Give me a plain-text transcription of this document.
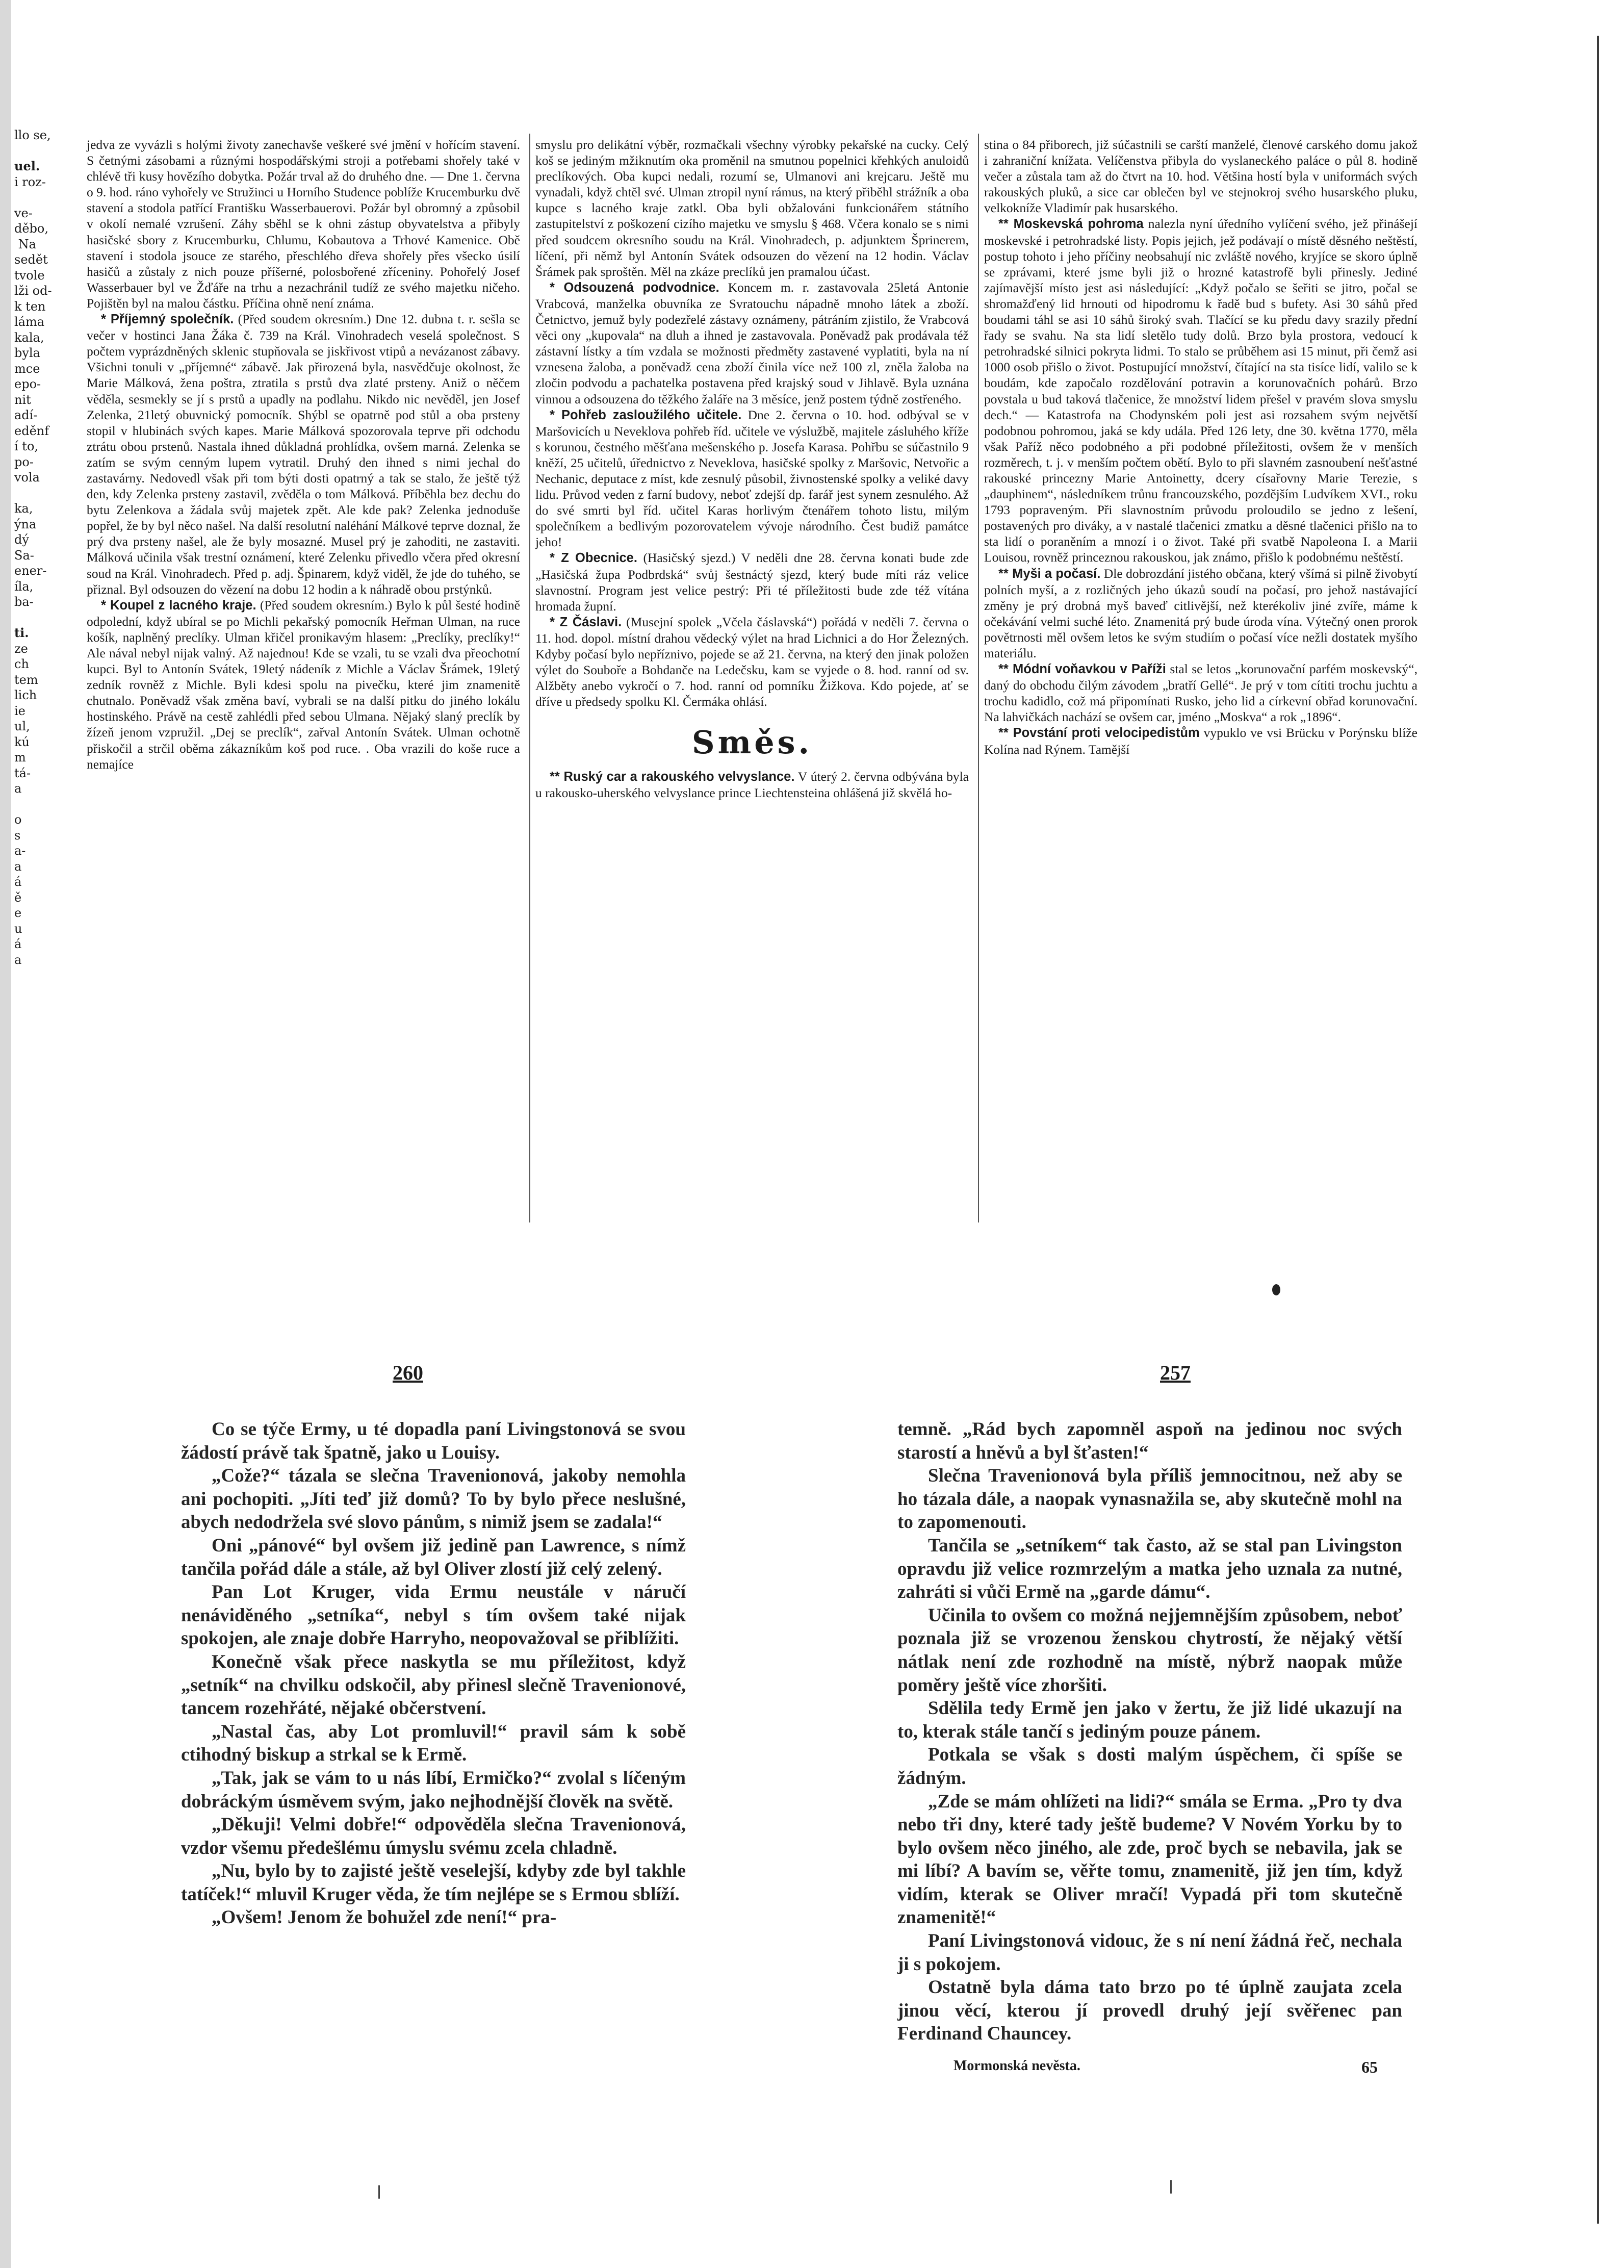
llo se,

uel.
i roz-

ve-
děbo,
Na
sedět
tvole
lži od-
k ten
láma
kala,
byla
mce
epo-
nit
adí-
eděnf
í to,
po-
vola

ka,
ýna
dý
Sa-
ener-
íla,
ba-

ti.
ze
ch
tem
lich
ie
ul,
kú
m
tá-
a

o
s
a-
a
á
ě
e
u
á
a

jedva ze vyvázli s holými životy zanechavše veškeré své jmění v hořícím stavení. S četnými zásobami a různými hospodářskými stroji a potřebami shořely také v chlévě tři kusy hovězího dobytka. Požár trval až do druhého dne. — Dne 1. června o 9. hod. ráno vyhořely ve Stružinci u Horního Studence poblíže Krucemburku dvě stavení a stodola patřící Františku Wasserbauerovi. Požár byl obromný a způsobil v okolí nemalé vzrušení. Záhy sběhl se k ohni zástup obyvatelstva a přibyly hasičské sbory z Krucemburku, Chlumu, Kobautova a Trhové Kamenice. Obě stavení i stodola jsouce ze starého, přeschlého dřeva shořely přes všecko úsilí hasičů a zůstaly z nich pouze příšerné, polosbořené zříceniny. Pohořelý Josef Wasserbauer byl ve Žďáře na trhu a nezachránil tudíž ze svého majetku ničeho. Pojištěn byl na malou částku. Příčina ohně není známa.

* Příjemný společník. (Před soudem okresním.) Dne 12. dubna t. r. sešla se večer v hostinci Jana Žáka č. 739 na Král. Vinohradech veselá společnost. S počtem vyprázdněných sklenic stupňovala se jiskřivost vtipů a nevázanost zábavy. Všichni tonuli v „příjemné“ zábavě. Jak přirozená byla, nasvědčuje okolnost, že Marie Málková, žena poštra, ztratila s prstů dva zlaté prsteny. Aniž o něčem věděla, sesmekly se jí s prstů a upadly na podlahu. Nikdo nic nevěděl, jen Josef Zelenka, 21letý obuvnický pomocník. Shýbl se opatrně pod stůl a oba prsteny stopil v hlubinách svých kapes. Marie Málková spozorovala teprve při odchodu ztrátu obou prstenů. Nastala ihned důkladná prohlídka, ovšem marná. Zelenka se zatím se svým cenným lupem vytratil. Druhý den ihned s nimi jechal do zastavárny. Nedovedl však při tom býti dosti opatrný a tak se stalo, že ještě týž den, kdy Zelenka prsteny zastavil, zvěděla o tom Málková. Příběhla bez dechu do bytu Zelenkova a žádala svůj majetek zpět. Ale kde pak? Zelenka jednoduše popřel, že by byl něco našel. Na další resolutní naléhání Málkové teprve doznal, že prý dva prsteny našel, ale že byly mosazné. Musel prý je zahoditi, ne zastaviti. Málková učinila však trestní oznámení, které Zelenku přivedlo včera před okresní soud na Král. Vinohradech. Před p. adj. Špinarem, když viděl, že jde do tuhého, se přiznal. Byl odsouzen do vězení na dobu 12 hodin a k náhradě obou prstýnků.

* Koupel z lacného kraje. (Před soudem okresním.) Bylo k půl šesté hodině odpolední, když ubíral se po Michli pekařský pomocník Heřman Ulman, na ruce košík, naplněný preclíky. Ulman křičel pronikavým hlasem: „Preclíky, preclíky!“ Ale nával nebyl nijak valný. Až najednou! Kde se vzali, tu se vzali dva přeochotní kupci. Byl to Antonín Svátek, 19letý nádeník z Michle a Václav Šrámek, 19letý zedník rovněž z Michle. Byli kdesi spolu na pivečku, které jim znamenitě chutnalo. Poněvadž však změna baví, vybrali se na další pitku do jiného lokálu hostinského. Právě na cestě zahlédli před sebou Ulmana. Nějaký slaný preclík by žízeň jenom vzpružil. „Dej se preclík“, zařval Antonín Svátek. Ulman ochotně přiskočil a strčil oběma zákazníkům koš pod ruce. . Oba vrazili do koše ruce a nemajíce

smyslu pro delikátní výběr, rozmačkali všechny výrobky pekařské na cucky. Celý koš se jediným mžiknutím oka proměnil na smutnou popelnici křehkých anuloidů preclíkových. Oba kupci nedali, rozumí se, Ulmanovi ani krejcaru. Ještě mu vynadali, když chtěl své. Ulman ztropil nyní rámus, na který přiběhl strážník a oba kupce s lacného kraje zatkl. Oba byli obžalováni funkcionářem státního zastupitelství z poškození cizího majetku ve smyslu § 468. Včera konalo se s nimi před soudcem okresního soudu na Král. Vinohradech, p. adjunktem Šprinerem, líčení, při němž byl Antonín Svátek odsouzen do vězení na 12 hodin. Václav Šrámek pak sproštěn. Měl na zkáze preclíků jen pramalou účast.

* Odsouzená podvodnice. Koncem m. r. zastavovala 25letá Antonie Vrabcová, manželka obuvníka ze Svratouchu nápadně mnoho látek a zboží. Četnictvo, jemuž byly podezřelé zástavy oznámeny, pátráním zjistilo, že Vrabcová věci ony „kupovala“ na dluh a ihned je zastavovala. Poněvadž pak prodávala též zástavní lístky a tím vzdala se možnosti předměty zastavené vyplatiti, byla na ní vznesena žaloba, a poněvadž cena zboží činila více než 100 zl, zněla žaloba na zločin podvodu a pachatelka postavena před krajský soud v Jihlavě. Byla uznána vinnou a odsouzena do těžkého žaláře na 3 měsíce, jenž postem týdně zostřeného.

* Pohřeb zasloužilého učitele. Dne 2. června o 10. hod. odbýval se v Maršovicích u Neveklova pohřeb říd. učitele ve výslužbě, majitele zásluhého kříže s korunou, čestného měšťana mešenského p. Josefa Karasa. Pohřbu se súčastnilo 9 kněží, 25 učitelů, úřednictvo z Neveklova, hasičské spolky z Maršovic, Netvořic a Nechanic, deputace z míst, kde zesnulý působil, živnostenské spolky a veliké davy lidu. Průvod veden z farní budovy, neboť zdejší dp. farář jest synem zesnulého. Až do své smrti byl říd. učitel Karas horlivým čtenářem tohoto listu, milým společníkem a bedlivým pozorovatelem vývoje národního. Čest budiž památce jeho!

* Z Obecnice. (Hasičský sjezd.) V neděli dne 28. června konati bude zde „Hasičská župa Podbrdská“ svůj šestnáctý sjezd, který bude míti ráz velice slavnostní. Program jest velice pestrý: Při té příležitosti bude zde též vítána hromada župní.

* Z Čáslavi. (Musejní spolek „Včela čáslavská“) pořádá v neděli 7. června o 11. hod. dopol. místní drahou vědecký výlet na hrad Lichnici a do Hor Železných. Kdyby počasí bylo nepříznivo, pojede se až 21. června, na který den jinak položen výlet do Souboře a Bohdanče na Ledečsku, kam se vyjede o 8. hod. ranní od sv. Alžběty anebo vykročí o 7. hod. ranní od pomníku Žižkova. Kdo pojede, ať se dříve u předsedy spolku Kl. Čermáka ohlásí.

Směs.

** Ruský car a rakouského velvyslance. V úterý 2. června odbývána byla u rakousko-uherského velvyslance prince Liechtensteina ohlášená již skvělá ho-

stina o 84 přiborech, již súčastnili se carští manželé, členové carského domu jakož i zahraniční knížata. Velíčenstva přibyla do vyslaneckého paláce o půl 8. hodině večer a zůstala tam až do čtvrt na 10. hod. Většina hostí byla v uniformách svých rakouských pluků, a sice car oblečen byl ve stejnokroj svého husarského pluku, velkokníže Vladimír pak husarského.

** Moskevská pohroma nalezla nyní úředního vylíčení svého, jež přinášejí moskevské i petrohradské listy. Popis jejich, jež podávají o místě děsného neštěstí, postup tohoto i jeho příčiny neobsahují nic zvláště nového, kryjíce se skoro úplně se zprávami, které jsme byli již o hrozné katastrofě byli přinesly. Jediné zajímavější místo jest asi následující: „Když počalo se šeřiti se jitro, počal se shromažďený lid hrnouti od hipodromu k řadě bud s bufety. Asi 30 sáhů před boudami táhl se asi 10 sáhů široký svah. Tlačící se ku předu davy srazily přední řady se svahu. Na sta lidí sletělo tudy dolů. Brzo byla prostora, vedoucí k petrohradské silnici pokryta lidmi. To stalo se průběhem asi 15 minut, při čemž asi 1000 osob přišlo o život. Postupující množství, čítající na sta tisíce lidí, valilo se k boudám, kde započalo rozdělování potravin a korunovačních pohárů. Brzo povstala u bud taková tlačenice, že množství lidem přešel v pravém slova smyslu dech.“ — Katastrofa na Chodynském poli jest asi rozsahem svým největší podobnou pohromou, jaká se kdy udála. Před 126 lety, dne 30. května 1770, měla však Paříž něco podobného a při podobné příležitosti, ovšem že v menších rozměrech, t. j. v menším počtem obětí. Bylo to při slavném zasnoubení nešťastné rakouské princezny Marie Antoinetty, dcery císařovny Marie Terezie, s „dauphinem“, následníkem trůnu francouzského, pozdějším Ludvíkem XVI., roku 1793 popraveným. Při slavnostním průvodu proloudilo se jedno z lešení, postavených pro diváky, a v nastalé tlačenici zmatku a děsné tlačenici přišlo na to sta lidí o poraněním a mnozí i o život. Také při svatbě Napoleona I. a Marii Louisou, rovněž princeznou rakouskou, jak známo, přišlo k podobnému neštěstí.

** Myši a počasí. Dle dobrozdání jistého občana, který všímá si pilně živobytí polních myší, a z rozličných jeho úkazů soudí na počasí, pro jehož nastávající změny je prý drobná myš baveď citlivější, než kterékoliv jiné zvíře, máme k očekávání velmi suché léto. Znamenitá prý bude úroda vína. Výtečný onen prorok povětrnosti měl ovšem letos ke svým studiím o počasí více nežli dostatek myšího materiálu.

** Módní voňavkou v Paříži stal se letos „korunovační parfém moskevský“, daný do obchodu čilým závodem „bratří Gellé“. Je prý v tom cítiti trochu juchtu a trochu kadidlo, což má připomínati Rusko, jeho lid a církevní obřad korunovační. Na lahvičkách nachází se ovšem car, jméno „Moskva“ a rok „1896“.

** Povstání proti velocipedistům vypuklo ve vsi Brücku v Porýnsku blíže Kolína nad Rýnem. Tamější

260	257

Co se týče Ermy, u té dopadla paní Livingstonová se svou žádostí právě tak špatně, jako u Louisy.

„Cože?“ tázala se slečna Travenionová, jakoby nemohla ani pochopiti. „Jíti teď již domů? To by bylo přece neslušné, abych nedodržela své slovo pánům, s nimiž jsem se zadala!“

Oni „pánové“ byl ovšem již jedině pan Lawrence, s nímž tančila pořád dále a stále, až byl Oliver zlostí již celý zelený.

Pan Lot Kruger, vida Ermu neustále v náručí nenáviděného „setníka“, nebyl s tím ovšem také nijak spokojen, ale znaje dobře Harryho, neopovažoval se přiblížiti.

Konečně však přece naskytla se mu příležitost, když „setník“ na chvilku odskočil, aby přinesl slečně Travenionové, tancem rozehřáté, nějaké občerstvení.

„Nastal čas, aby Lot promluvil!“ pravil sám k sobě ctihodný biskup a strkal se k Ermě.

„Tak, jak se vám to u nás líbí, Ermičko?“ zvolal s líčeným dobráckým úsměvem svým, jako nejhodnější člověk na světě.

„Děkuji! Velmi dobře!“ odpověděla slečna Travenionová, vzdor všemu předešlému úmyslu svému zcela chladně.

„Nu, bylo by to zajisté ještě veselejší, kdyby zde byl takhle tatíček!“ mluvil Kruger věda, že tím nejlépe se s Ermou sblíží.

„Ovšem! Jenom že bohužel zde není!“ pra-

temně. „Rád bych zapomněl aspoň na jedinou noc svých starostí a hněvů a byl šťasten!“

Slečna Travenionová byla příliš jemnocitnou, než aby se ho tázala dále, a naopak vynasnažila se, aby skutečně mohl na to zapomenouti.

Tančila se „setníkem“ tak často, až se stal pan Livingston opravdu již velice rozmrzelým a matka jeho uznala za nutné, zahráti si vůči Ermě na „garde dámu“.

Učinila to ovšem co možná nejjemnějším způsobem, neboť poznala již se vrozenou ženskou chytrostí, že nějaký větší nátlak není zde rozhodně na místě, nýbrž naopak může poměry ještě více zhoršiti.

Sdělila tedy Ermě jen jako v žertu, že již lidé ukazují na to, kterak stále tančí s jediným pouze pánem.

Potkala se však s dosti malým úspěchem, či spíše se žádným.

„Zde se mám ohlížeti na lidi?“ smála se Erma. „Pro ty dva nebo tři dny, které tady ještě budeme? V Novém Yorku by to bylo ovšem něco jiného, ale zde, proč bych se nebavila, jak se mi líbí? A bavím se, věřte tomu, znamenitě, již jen tím, když vidím, kterak se Oliver mračí! Vypadá při tom skutečně znamenitě!“

Paní Livingstonová vidouc, že s ní není žádná řeč, nechala ji s pokojem.

Ostatně byla dáma tato brzo po té úplně zaujata zcela jinou věcí, kterou jí provedl druhý její svěřenec pan Ferdinand Chauncey.

Mormonská nevěsta.	65
